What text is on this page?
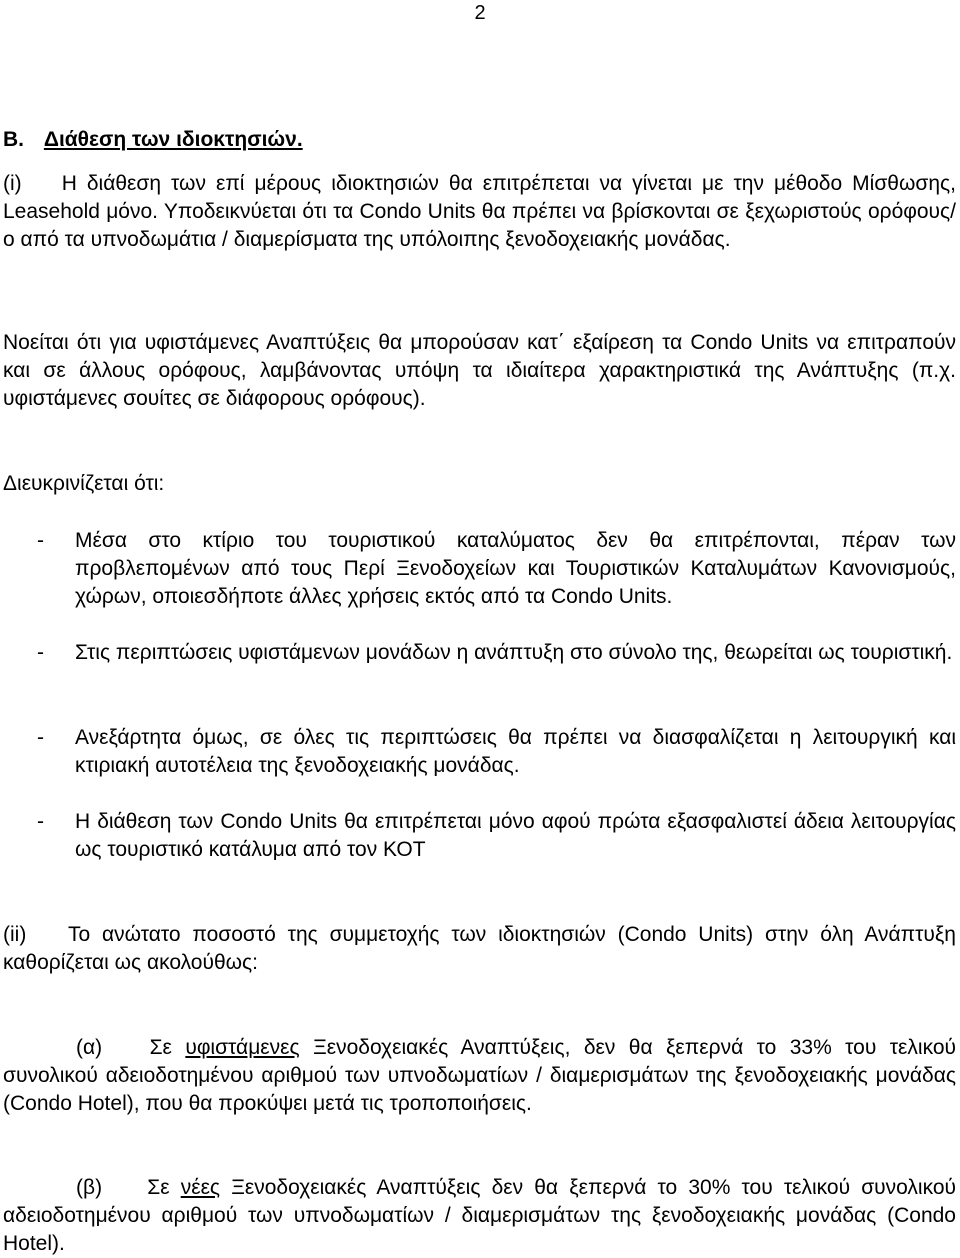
2
Β. Διάθεση των ιδιοκτησιών.
(i) Η διάθεση των επί μέρους ιδιοκτησιών θα επιτρέπεται να γίνεται με την μέθοδο Μίσθωσης, Leasehold μόνο. Υποδεικνύεται ότι τα Condo Units θα πρέπει να βρίσκονται σε ξεχωριστούς ορόφους/ο από τα υπνοδωμάτια / διαμερίσματα της υπόλοιπης ξενοδοχειακής μονάδας.
Νοείται ότι για υφιστάμενες Αναπτύξεις θα μπορούσαν κατ΄ εξαίρεση τα Condo Units να επιτραπούν και σε άλλους ορόφους, λαμβάνοντας υπόψη τα ιδιαίτερα χαρακτηριστικά της Ανάπτυξης (π.χ. υφιστάμενες σουίτες σε διάφορους ορόφους).
Διευκρινίζεται ότι:
- Μέσα στο κτίριο του τουριστικού καταλύματος δεν θα επιτρέπονται, πέραν των προβλεπομένων από τους Περί Ξενοδοχείων και Τουριστικών Καταλυμάτων Κανονισμούς, χώρων, οποιεσδήποτε άλλες χρήσεις εκτός από τα Condo Units.
- Στις περιπτώσεις υφιστάμενων μονάδων η ανάπτυξη στο σύνολο της, θεωρείται ως τουριστική.
- Ανεξάρτητα όμως, σε όλες τις περιπτώσεις θα πρέπει να διασφαλίζεται η λειτουργική και κτιριακή αυτοτέλεια της ξενοδοχειακής μονάδας.
- Η διάθεση των Condo Units θα επιτρέπεται μόνο αφού πρώτα εξασφαλιστεί άδεια λειτουργίας ως τουριστικό κατάλυμα από τον ΚΟΤ
(ii) Το ανώτατο ποσοστό της συμμετοχής των ιδιοκτησιών (Condo Units) στην όλη Ανάπτυξη καθορίζεται ως ακολούθως:
(α) Σε υφιστάμενες Ξενοδοχειακές Αναπτύξεις, δεν θα ξεπερνά το 33% του τελικού συνολικού αδειοδοτημένου αριθμού των υπνοδωματίων / διαμερισμάτων της ξενοδοχειακής μονάδας (Condo Hotel), που θα προκύψει μετά τις τροποποιήσεις.
(β) Σε νέες Ξενοδοχειακές Αναπτύξεις δεν θα ξεπερνά το 30% του τελικού συνολικού αδειοδοτημένου αριθμού των υπνοδωματίων / διαμερισμάτων της ξενοδοχειακής μονάδας (Condo Hotel).
